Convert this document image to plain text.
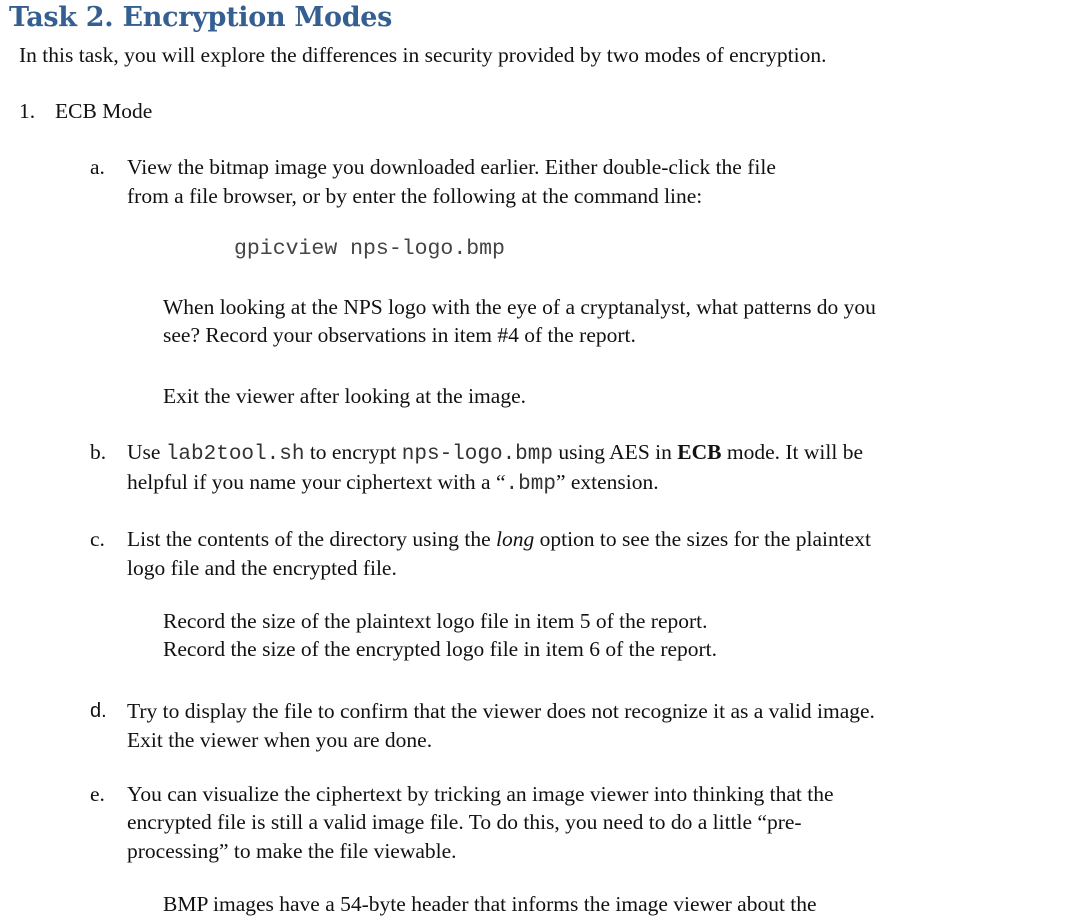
Task 2. Encryption Modes
In this task, you will explore the differences in security provided by two modes of encryption.
1. ECB Mode
a. View the bitmap image you downloaded earlier. Either double-click the file
from a file browser, or by enter the following at the command line:
gpicview nps-logo.bmp
When looking at the NPS logo with the eye of a cryptanalyst, what patterns do you
see? Record your observations in item #4 of the report.
Exit the viewer after looking at the image.
b. Use lab2tool.sh to encrypt nps-logo.bmp using AES in ECB mode. It will be
helpful if you name your ciphertext with a “.bmp” extension.
c. List the contents of the directory using the long option to see the sizes for the plaintext
logo file and the encrypted file.
Record the size of the plaintext logo file in item 5 of the report.
Record the size of the encrypted logo file in item 6 of the report.
d. Try to display the file to confirm that the viewer does not recognize it as a valid image.
Exit the viewer when you are done.
e. You can visualize the ciphertext by tricking an image viewer into thinking that the
encrypted file is still a valid image file. To do this, you need to do a little “pre-
processing” to make the file viewable.
BMP images have a 54-byte header that informs the image viewer about the
